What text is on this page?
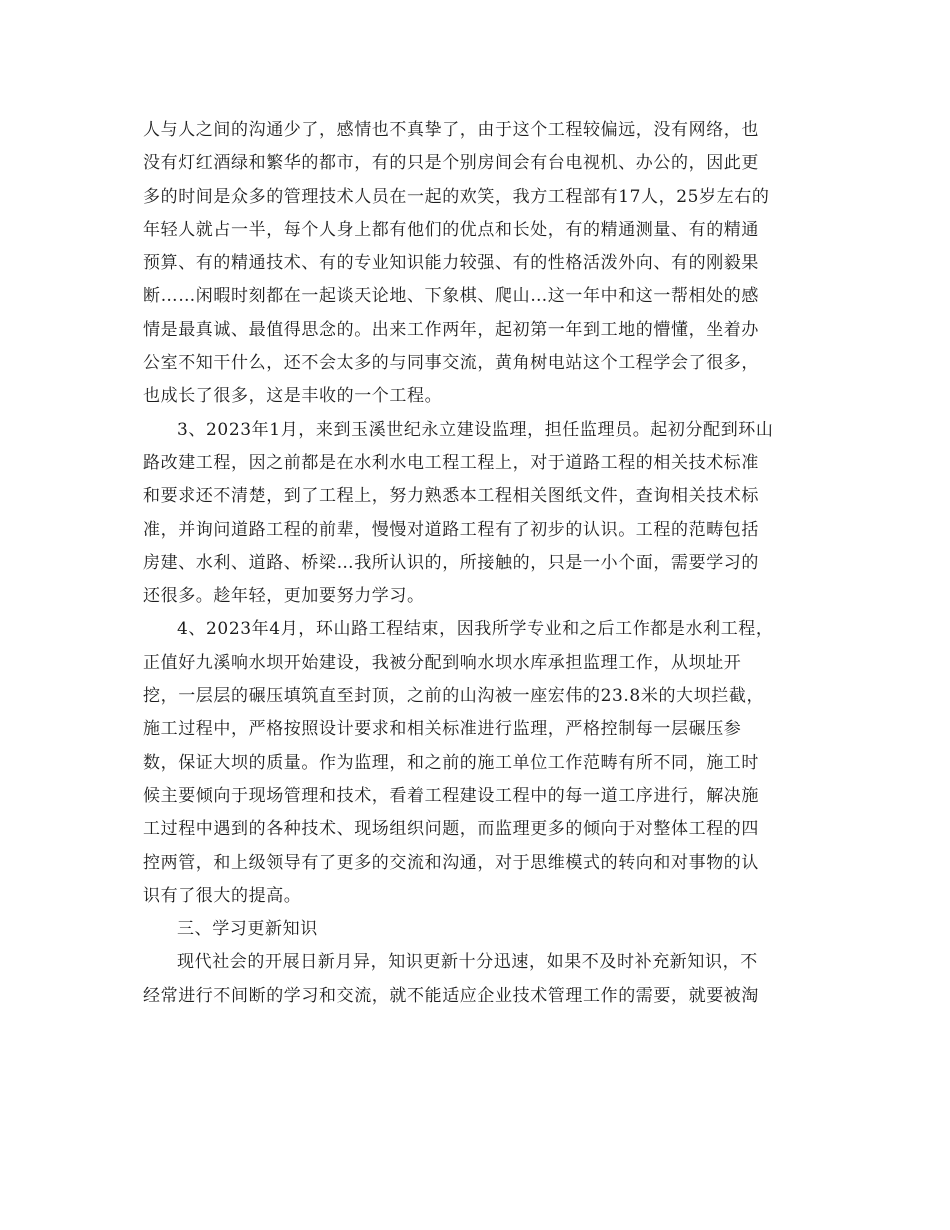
人与人之间的沟通少了，感情也不真挚了，由于这个工程较偏远，没有网络，也
没有灯红酒绿和繁华的都市，有的只是个别房间会有台电视机、办公的，因此更
多的时间是众多的管理技术人员在一起的欢笑，我方工程部有17人，25岁左右的
年轻人就占一半，每个人身上都有他们的优点和长处，有的精通测量、有的精通
预算、有的精通技术、有的专业知识能力较强、有的性格活泼外向、有的刚毅果
断……闲暇时刻都在一起谈天论地、下象棋、爬山…这一年中和这一帮相处的感
情是最真诚、最值得思念的。出来工作两年，起初第一年到工地的懵懂，坐着办
公室不知干什么，还不会太多的与同事交流，黄角树电站这个工程学会了很多，
也成长了很多，这是丰收的一个工程。
3、2023年1月，来到玉溪世纪永立建设监理，担任监理员。起初分配到环山
路改建工程，因之前都是在水利水电工程工程上，对于道路工程的相关技术标准
和要求还不清楚，到了工程上，努力熟悉本工程相关图纸文件，查询相关技术标
准，并询问道路工程的前辈，慢慢对道路工程有了初步的认识。工程的范畴包括
房建、水利、道路、桥梁…我所认识的，所接触的，只是一小个面，需要学习的
还很多。趁年轻，更加要努力学习。
4、2023年4月，环山路工程结束，因我所学专业和之后工作都是水利工程，
正值好九溪响水坝开始建设，我被分配到响水坝水库承担监理工作，从坝址开
挖，一层层的碾压填筑直至封顶，之前的山沟被一座宏伟的23.8米的大坝拦截，
施工过程中，严格按照设计要求和相关标准进行监理，严格控制每一层碾压参
数，保证大坝的质量。作为监理，和之前的施工单位工作范畴有所不同，施工时
候主要倾向于现场管理和技术，看着工程建设工程中的每一道工序进行，解决施
工过程中遇到的各种技术、现场组织问题，而监理更多的倾向于对整体工程的四
控两管，和上级领导有了更多的交流和沟通，对于思维模式的转向和对事物的认
识有了很大的提高。
三、学习更新知识
现代社会的开展日新月异，知识更新十分迅速，如果不及时补充新知识，不
经常进行不间断的学习和交流，就不能适应企业技术管理工作的需要，就要被淘
